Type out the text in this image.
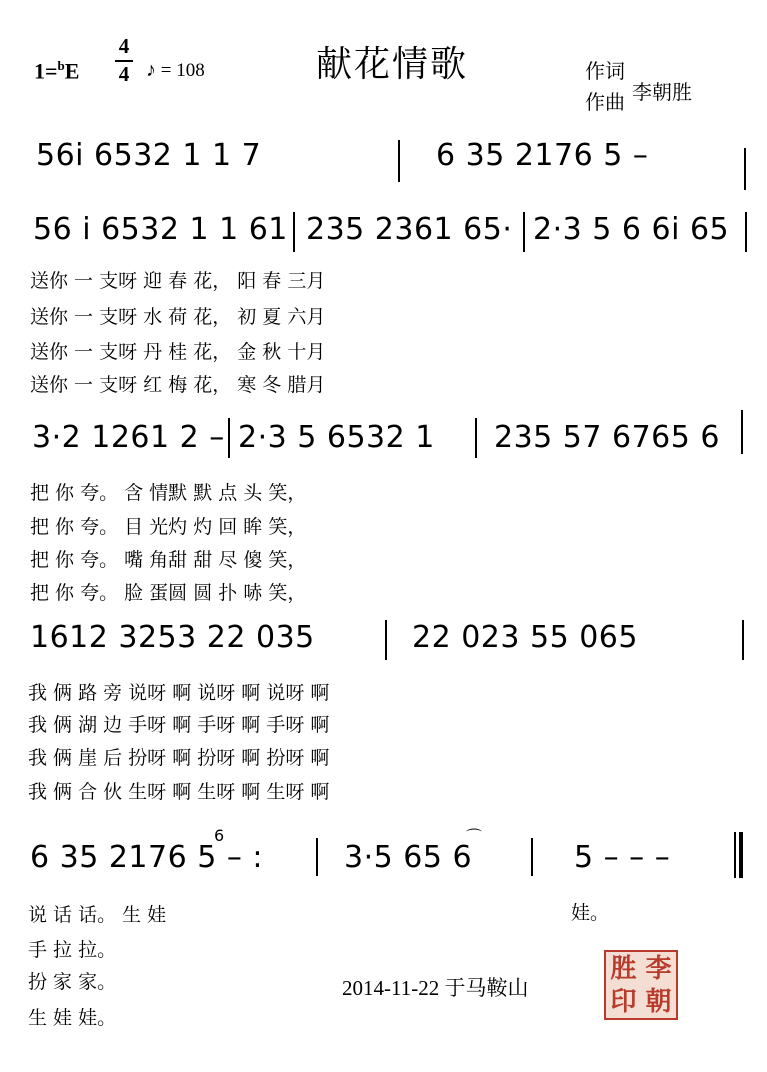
1=$^b$E
4
4 ♪ = 108	献花情歌	作词
作曲 李朝胜
56i 6532 1 1 7	6 35 2176 5 –
56 i 6532 1 1 61 235 2361 65· 2·3 5 6 6i 65
送你 一 支呀 迎 春 花， 阳 春 三月
送你 一 支呀 水 荷 花， 初 夏 六月
送你 一 支呀 丹 桂 花， 金 秋 十月
送你 一 支呀 红 梅 花， 寒 冬 腊月
3·2 1261 2 – 2·3 5 6532 1 235 57 6765 6
把 你 夸。 含 情默 默 点 头 笑，
把 你 夸。 目 光灼 灼 回 眸 笑，
把 你 夸。 嘴 角甜 甜 尽 傻 笑，
把 你 夸。 脸 蛋圆 圆 扑 哧 笑，
1612 3253 22 035	22 023 55 065
我 俩 路 旁 说呀 啊 说呀 啊 说呀 啊
我 俩 湖 边 手呀 啊 手呀 啊 手呀 啊
我 俩 崖 后 扮呀 啊 扮呀 啊 扮呀 啊
我 俩 合 伙 生呀 啊 生呀 啊 生呀 啊
6
6 35 2176 5 – :	3·5 65 6
⌒
5 – – –
说 话 话。 生 娃	娃。
手 拉 拉。
扮 家 家。
生 娃 娃。
2014-11-22 于马鞍山
胜 李
印 朝
